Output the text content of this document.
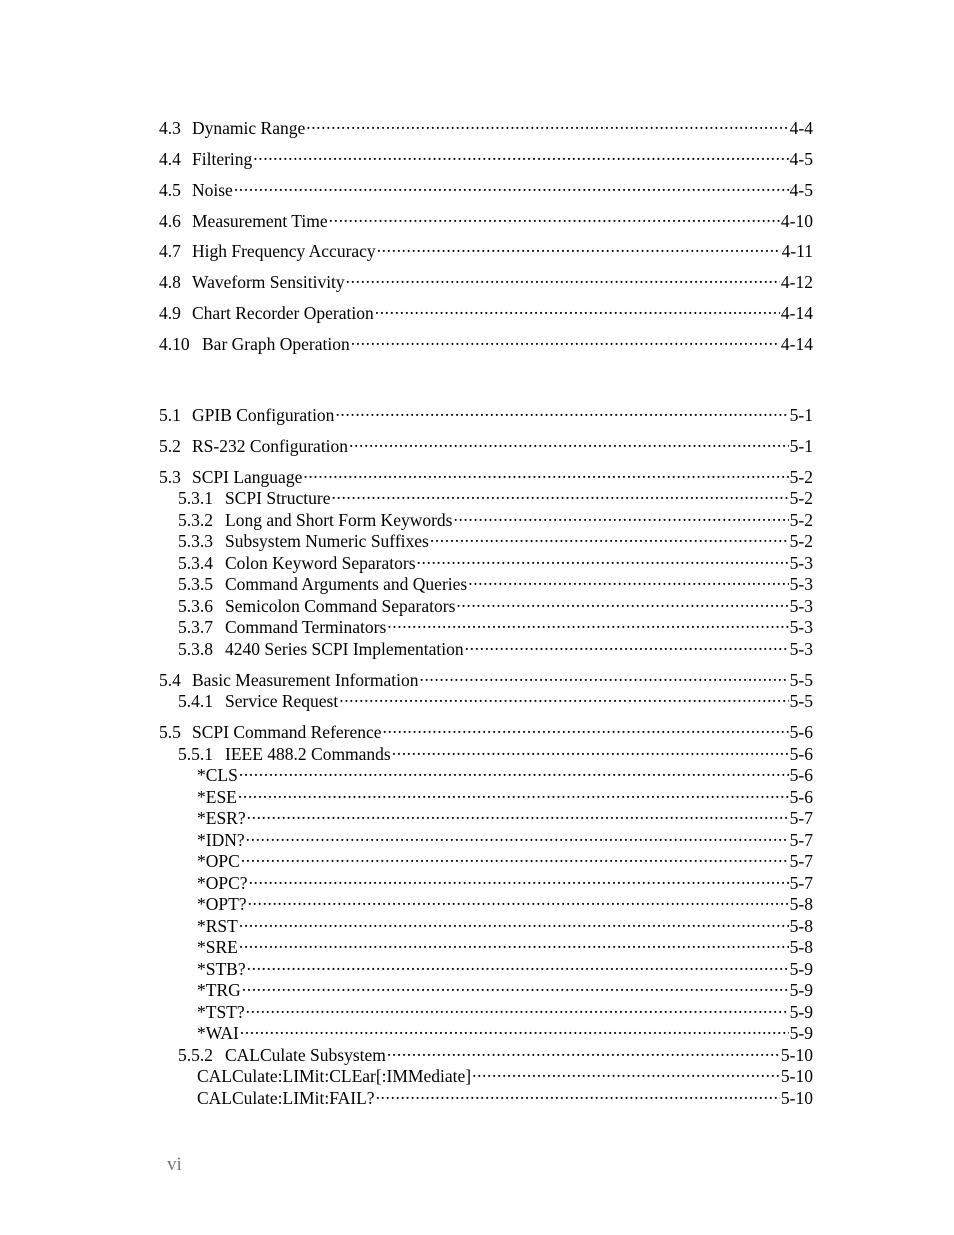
4.3 Dynamic Range .....	4-4
4.4 Filtering .....	4-5
4.5 Noise .....	4-5
4.6 Measurement Time .....	4-10
4.7 High Frequency Accuracy .....	4-11
4.8 Waveform Sensitivity .....	4-12
4.9 Chart Recorder Operation .....	4-14
4.10 Bar Graph Operation .....	4-14
5.1 GPIB Configuration .....	5-1
5.2 RS-232 Configuration .....	5-1
5.3 SCPI Language .....	5-2
5.3.1 SCPI Structure .....	5-2
5.3.2 Long and Short Form Keywords .....	5-2
5.3.3 Subsystem Numeric Suffixes .....	5-2
5.3.4 Colon Keyword Separators .....	5-3
5.3.5 Command Arguments and Queries .....	5-3
5.3.6 Semicolon Command Separators .....	5-3
5.3.7 Command Terminators .....	5-3
5.3.8 4240 Series SCPI Implementation .....	5-3
5.4 Basic Measurement Information .....	5-5
5.4.1 Service Request .....	5-5
5.5 SCPI Command Reference .....	5-6
5.5.1 IEEE 488.2 Commands .....	5-6
*CLS .....	5-6
*ESE .....	5-6
*ESR? .....	5-7
*IDN? .....	5-7
*OPC .....	5-7
*OPC? .....	5-7
*OPT? .....	5-8
*RST .....	5-8
*SRE .....	5-8
*STB? .....	5-9
*TRG .....	5-9
*TST? .....	5-9
*WAI .....	5-9
5.5.2 CALCulate Subsystem .....	5-10
CALCulate:LIMit:CLEar[:IMMediate] .....	5-10
CALCulate:LIMit:FAIL? .....	5-10
vi
